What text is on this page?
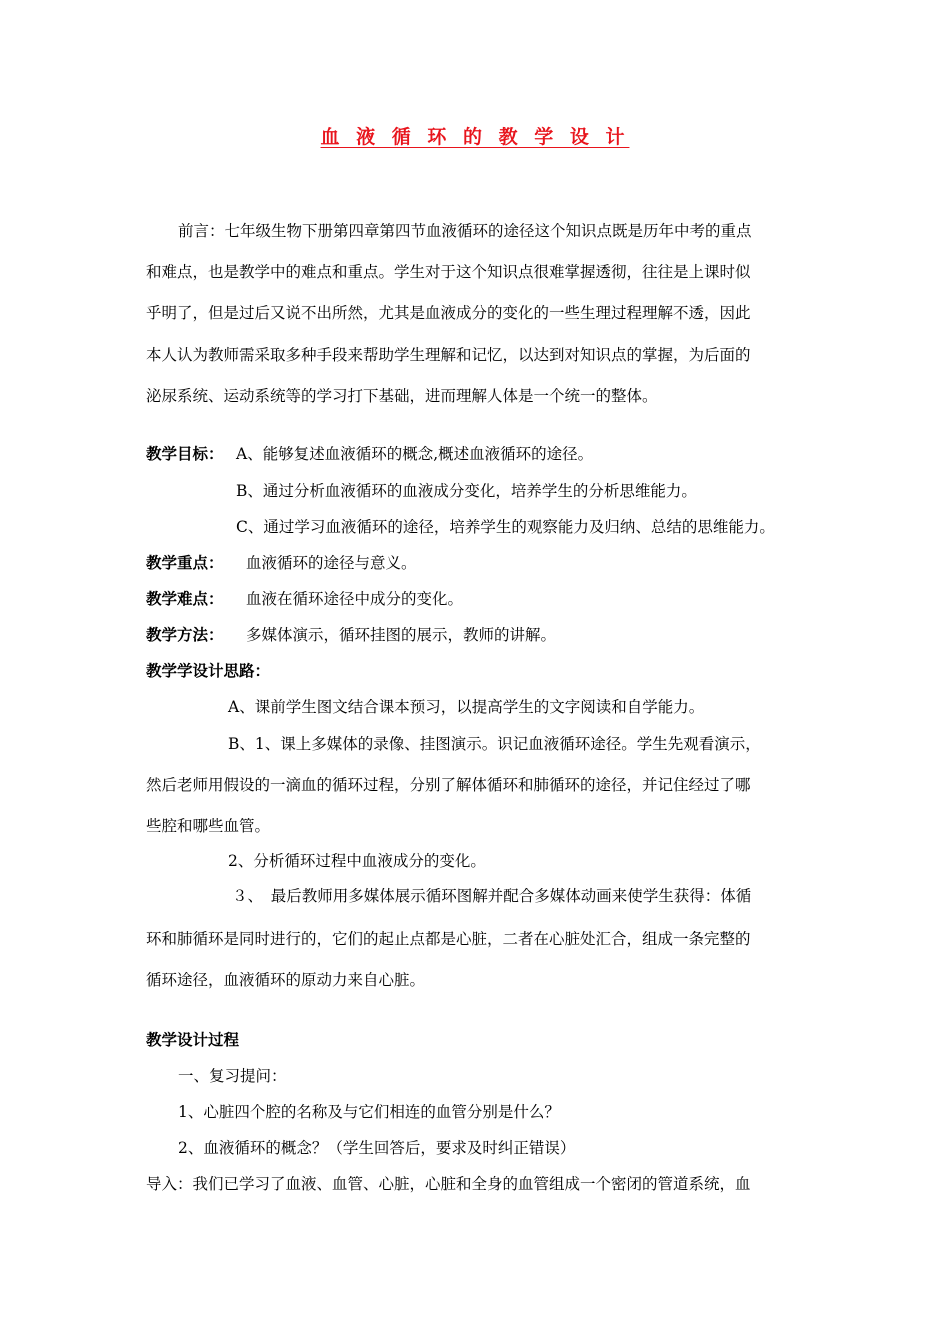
血 液 循 环 的 教 学 设 计
前言：七年级生物下册第四章第四节血液循环的途径这个知识点既是历年中考的重点
和难点，也是教学中的难点和重点。学生对于这个知识点很难掌握透彻，往往是上课时似
乎明了，但是过后又说不出所然，尤其是血液成分的变化的一些生理过程理解不透，因此
本人认为教师需采取多种手段来帮助学生理解和记忆，以达到对知识点的掌握，为后面的
泌尿系统、运动系统等的学习打下基础，进而理解人体是一个统一的整体。
教学目标： A、能够复述血液循环的概念,概述血液循环的途径。
B、通过分析血液循环的血液成分变化，培养学生的分析思维能力。
C、通过学习血液循环的途径，培养学生的观察能力及归纳、总结的思维能力。
教学重点： 血液循环的途径与意义。
教学难点： 血液在循环途径中成分的变化。
教学方法： 多媒体演示，循环挂图的展示，教师的讲解。
教学学设计思路：
A、课前学生图文结合课本预习，以提高学生的文字阅读和自学能力。
B、1、课上多媒体的录像、挂图演示。识记血液循环途径。学生先观看演示，
然后老师用假设的一滴血的循环过程，分别了解体循环和肺循环的途径，并记住经过了哪
些腔和哪些血管。
2、分析循环过程中血液成分的变化。
３、　最后教师用多媒体展示循环图解并配合多媒体动画来使学生获得：体循
环和肺循环是同时进行的，它们的起止点都是心脏，二者在心脏处汇合，组成一条完整的
循环途径，血液循环的原动力来自心脏。
教学设计过程
一、复习提问：
1、心脏四个腔的名称及与它们相连的血管分别是什么？
2、血液循环的概念？（学生回答后，要求及时纠正错误）
导入：我们已学习了血液、血管、心脏，心脏和全身的血管组成一个密闭的管道系统，血
